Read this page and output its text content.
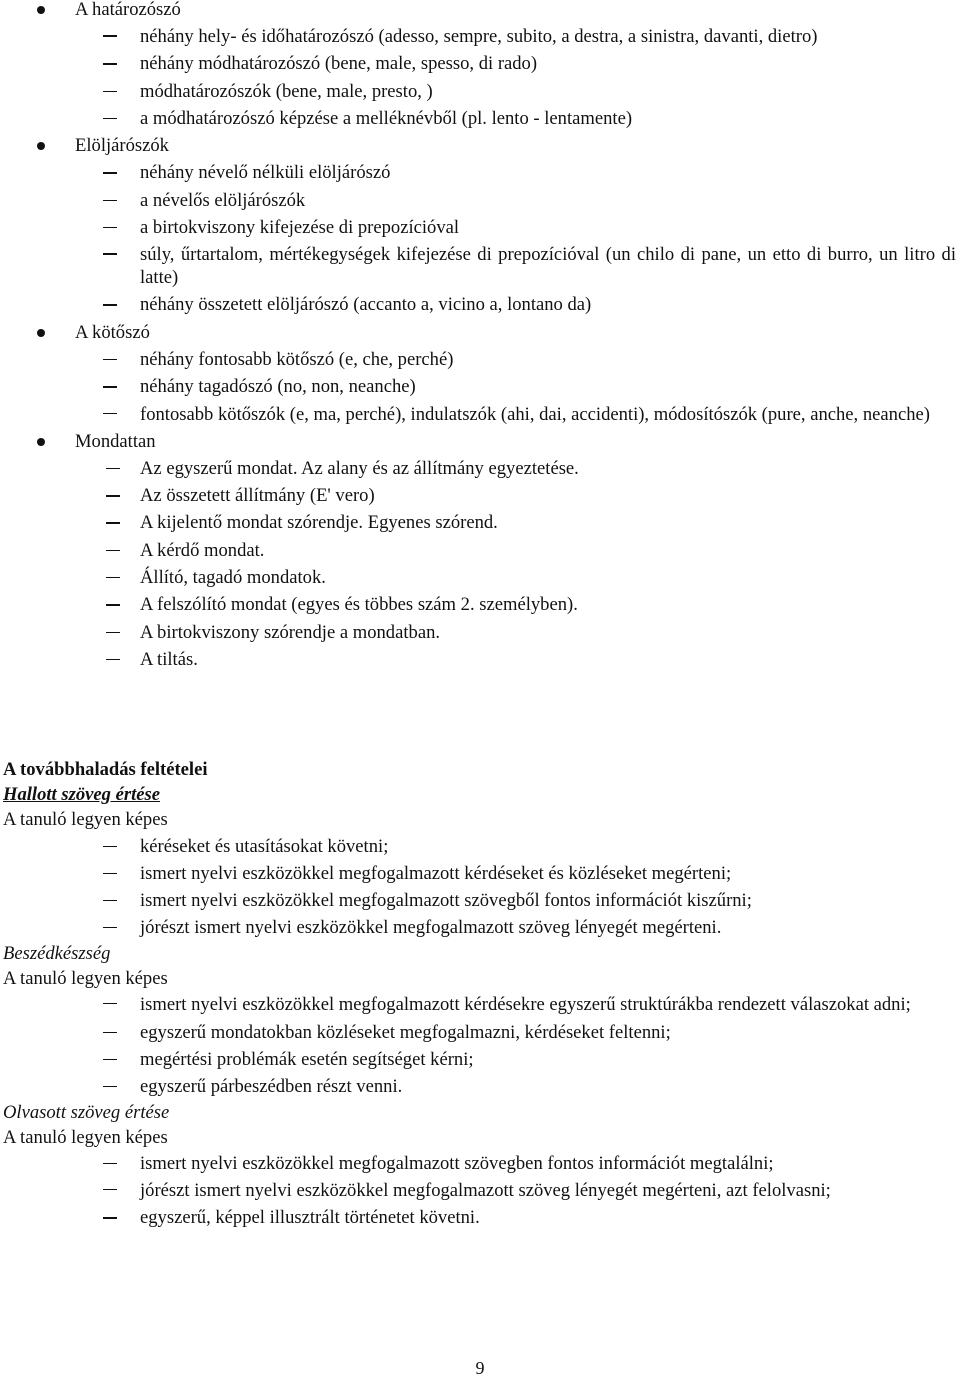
A határozószó
néhány hely- és időhatározószó (adesso, sempre, subito, a destra, a sinistra, davanti, dietro)
néhány módhatározószó (bene, male, spesso, di rado)
módhatározószók (bene, male, presto, )
a módhatározószó képzése a melléknévből (pl. lento - lentamente)
Elöljárószók
néhány névelő nélküli elöljárószó
a névelős elöljárószók
a birtokviszony kifejezése di prepozícióval
súly, űrtartalom, mértékegységek kifejezése di prepozícióval (un chilo di pane, un etto di burro, un litro di latte)
néhány összetett elöljárószó (accanto a, vicino a, lontano da)
A kötőszó
néhány fontosabb kötőszó (e, che, perché)
néhány tagadószó (no, non, neanche)
fontosabb kötőszók (e, ma, perché), indulatszók (ahi, dai, accidenti), módosítószók (pure, anche, neanche)
Mondattan
Az egyszerű mondat. Az alany és az állítmány egyeztetése.
Az összetett állítmány (E' vero)
A kijelentő mondat szórendje. Egyenes szórend.
A kérdő mondat.
Állító, tagadó mondatok.
A felszólító mondat (egyes és többes szám 2. személyben).
A birtokviszony szórendje a mondatban.
A tiltás.
A továbbhaladás feltételei
Hallott szöveg értése
A tanuló legyen képes
kéréseket és utasításokat követni;
ismert nyelvi eszközökkel megfogalmazott kérdéseket és közléseket megérteni;
ismert nyelvi eszközökkel megfogalmazott szövegből fontos információt kiszűrni;
jórészt ismert nyelvi eszközökkel megfogalmazott szöveg lényegét megérteni.
Beszédkészség
A tanuló legyen képes
ismert nyelvi eszközökkel megfogalmazott kérdésekre egyszerű struktúrákba rendezett válaszokat adni;
egyszerű mondatokban közléseket megfogalmazni, kérdéseket feltenni;
megértési problémák esetén segítséget kérni;
egyszerű párbeszédben részt venni.
Olvasott szöveg értése
A tanuló legyen képes
ismert nyelvi eszközökkel megfogalmazott szövegben fontos információt megtalálni;
jórészt ismert nyelvi eszközökkel megfogalmazott szöveg lényegét megérteni, azt felolvasni;
egyszerű, képpel illusztrált történetet követni.
9
